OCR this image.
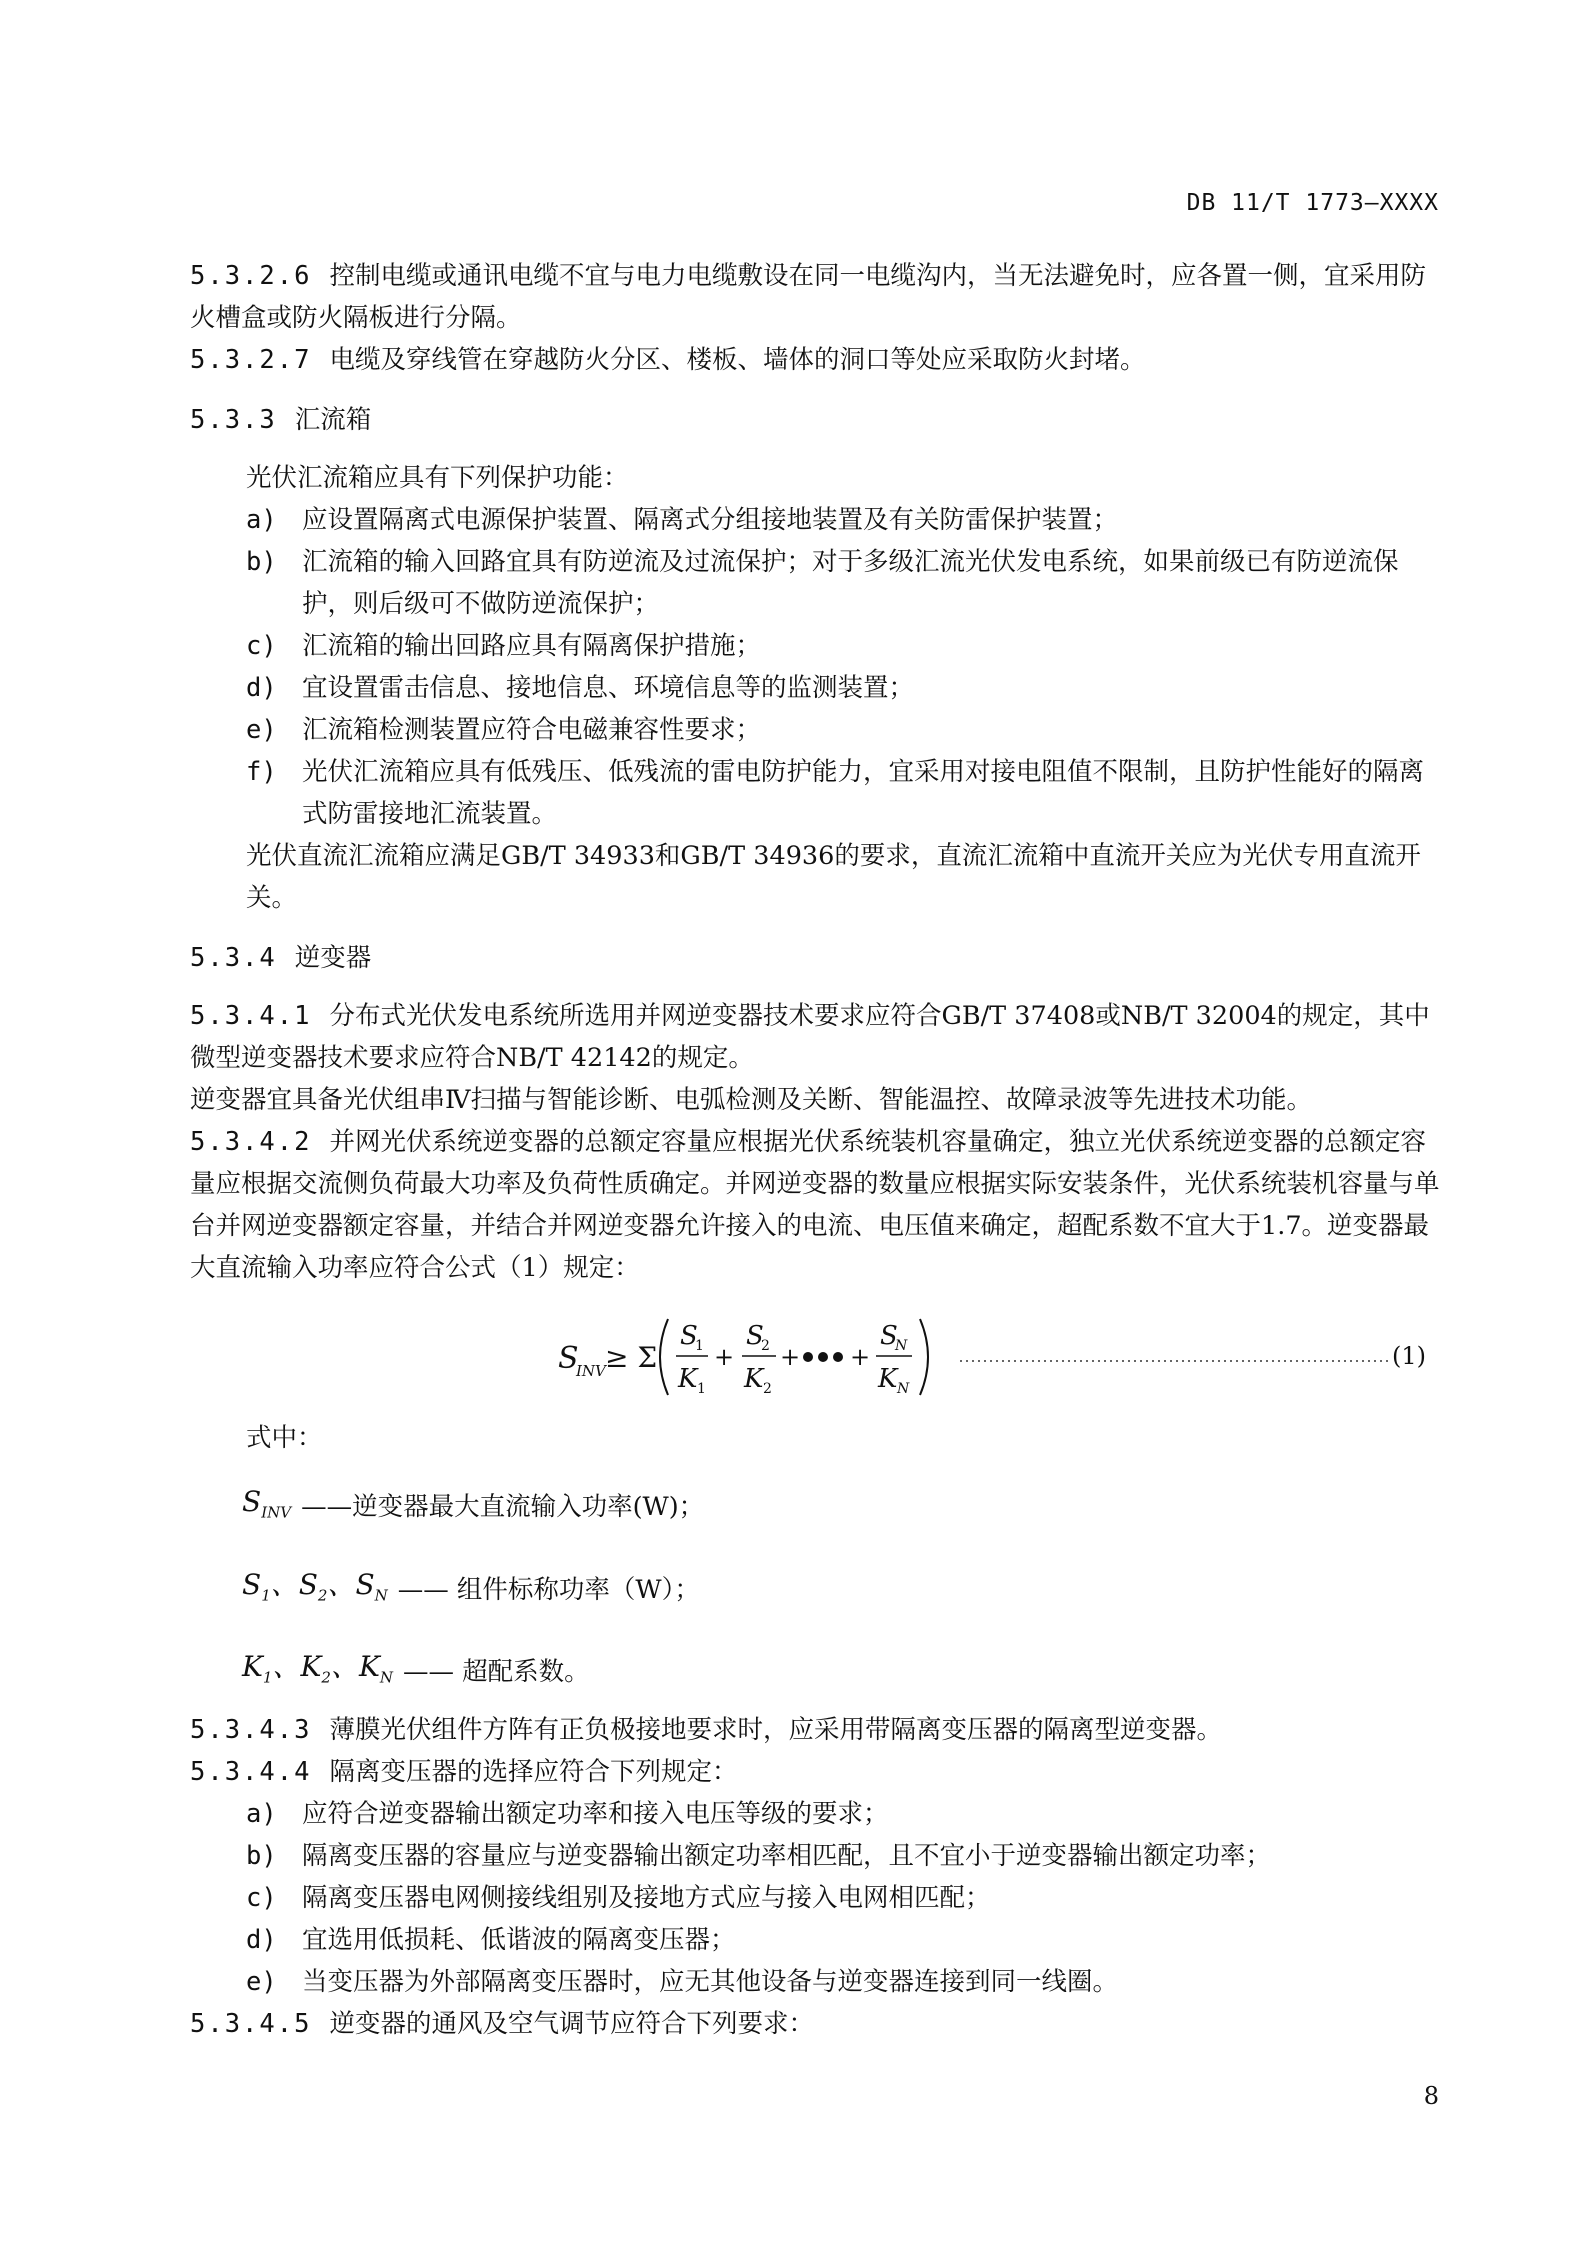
DB 11/T 1773—XXXX

5.3.2.6 控制电缆或通讯电缆不宜与电力电缆敷设在同一电缆沟内，当无法避免时，应各置一侧，宜采用防火槽盒或防火隔板进行分隔。

5.3.2.7 电缆及穿线管在穿越防火分区、楼板、墙体的洞口等处应采取防火封堵。

5.3.3 汇流箱

光伏汇流箱应具有下列保护功能：

a) 应设置隔离式电源保护装置、隔离式分组接地装置及有关防雷保护装置；
b) 汇流箱的输入回路宜具有防逆流及过流保护；对于多级汇流光伏发电系统，如果前级已有防逆流保护，则后级可不做防逆流保护；
c) 汇流箱的输出回路应具有隔离保护措施；
d) 宜设置雷击信息、接地信息、环境信息等的监测装置；
e) 汇流箱检测装置应符合电磁兼容性要求；
f) 光伏汇流箱应具有低残压、低残流的雷电防护能力，宜采用对接电阻值不限制，且防护性能好的隔离式防雷接地汇流装置。

光伏直流汇流箱应满足GB/T 34933和GB/T 34936的要求，直流汇流箱中直流开关应为光伏专用直流开关。

5.3.4 逆变器

5.3.4.1 分布式光伏发电系统所选用并网逆变器技术要求应符合GB/T 37408或NB/T 32004的规定，其中微型逆变器技术要求应符合NB/T 42142的规定。

逆变器宜具备光伏组串Ⅳ扫描与智能诊断、电弧检测及关断、智能温控、故障录波等先进技术功能。

5.3.4.2 并网光伏系统逆变器的总额定容量应根据光伏系统装机容量确定，独立光伏系统逆变器的总额定容量应根据交流侧负荷最大功率及负荷性质确定。并网逆变器的数量应根据实际安装条件，光伏系统装机容量与单台并网逆变器额定容量，并结合并网逆变器允许接入的电流、电压值来确定，超配系数不宜大于1.7。逆变器最大直流输入功率应符合公式（1）规定：

S
INV ≥ Σ
S
1
K 1
+
S
2
K 2
+ +
S
N
K N
(1)

式中：

$S_{INV}$ ——逆变器最大直流输入功率(W)；
$S_1$、$S_2$、$S_N$ —— 组件标称功率（W）；
$K_1$、$K_2$、$K_N$ —— 超配系数。

5.3.4.3 薄膜光伏组件方阵有正负极接地要求时，应采用带隔离变压器的隔离型逆变器。

5.3.4.4 隔离变压器的选择应符合下列规定：

a) 应符合逆变器输出额定功率和接入电压等级的要求；
b) 隔离变压器的容量应与逆变器输出额定功率相匹配，且不宜小于逆变器输出额定功率；
c) 隔离变压器电网侧接线组别及接地方式应与接入电网相匹配；
d) 宜选用低损耗、低谐波的隔离变压器；
e) 当变压器为外部隔离变压器时，应无其他设备与逆变器连接到同一线圈。

5.3.4.5 逆变器的通风及空气调节应符合下列要求：

8
